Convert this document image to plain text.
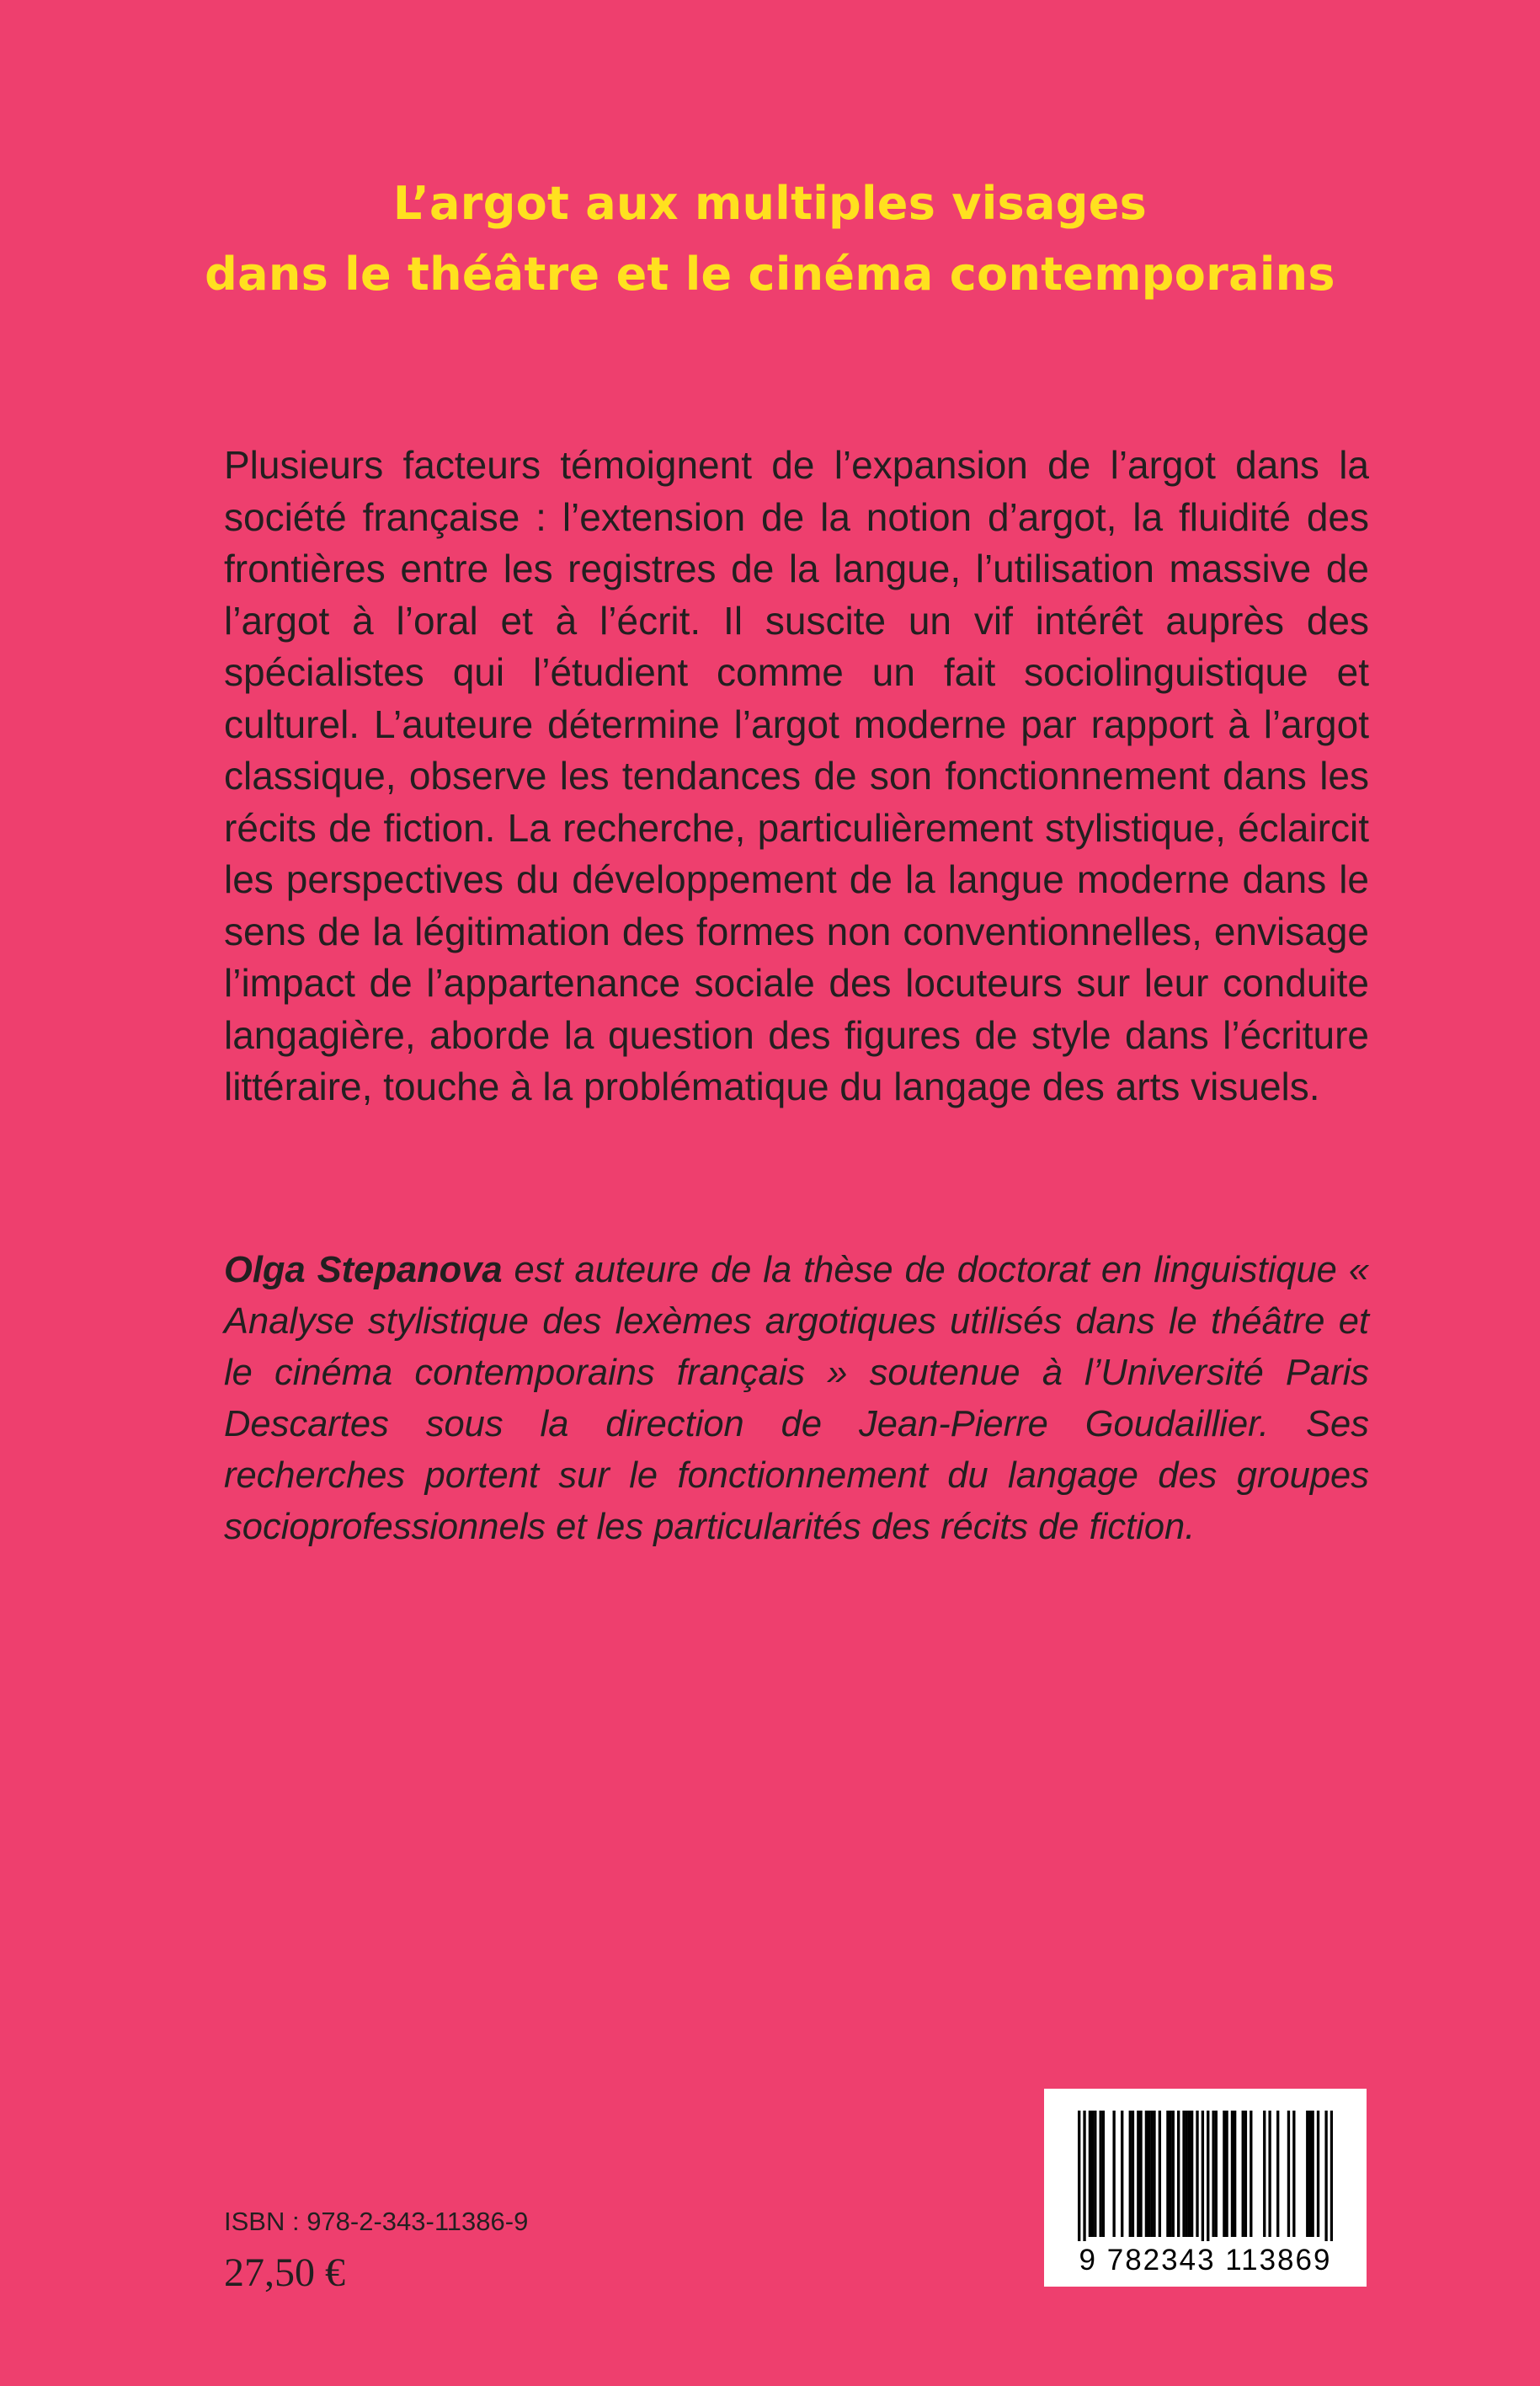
L’argot aux multiples visages
dans le théâtre et le cinéma contemporains

Plusieurs facteurs témoignent de l’expansion de l’argot dans la société française : l’extension de la notion d’argot, la fluidité des frontières entre les registres de la langue, l’utilisation massive de l’argot à l’oral et à l’écrit. Il suscite un vif intérêt auprès des spécialistes qui l’étudient comme un fait sociolinguistique et culturel. L’auteure détermine l’argot moderne par rapport à l’argot classique, observe les tendances de son fonctionnement dans les récits de fiction. La recherche, particulièrement stylistique, éclaircit les perspectives du développement de la langue moderne dans le sens de la légitimation des formes non conventionnelles, envisage l’impact de l’appartenance sociale des locuteurs sur leur conduite langagière, aborde la question des figures de style dans l’écriture littéraire, touche à la problématique du langage des arts visuels.

Olga Stepanova est auteure de la thèse de doctorat en linguistique « Analyse stylistique des lexèmes argotiques utilisés dans le théâtre et le cinéma contemporains français » soutenue à l’Université Paris Descartes sous la direction de Jean-Pierre Goudaillier. Ses recherches portent sur le fonctionnement du langage des groupes socioprofessionnels et les particularités des récits de fiction.

ISBN : 978-2-343-11386-9
27,50 €	9 782343 113869
